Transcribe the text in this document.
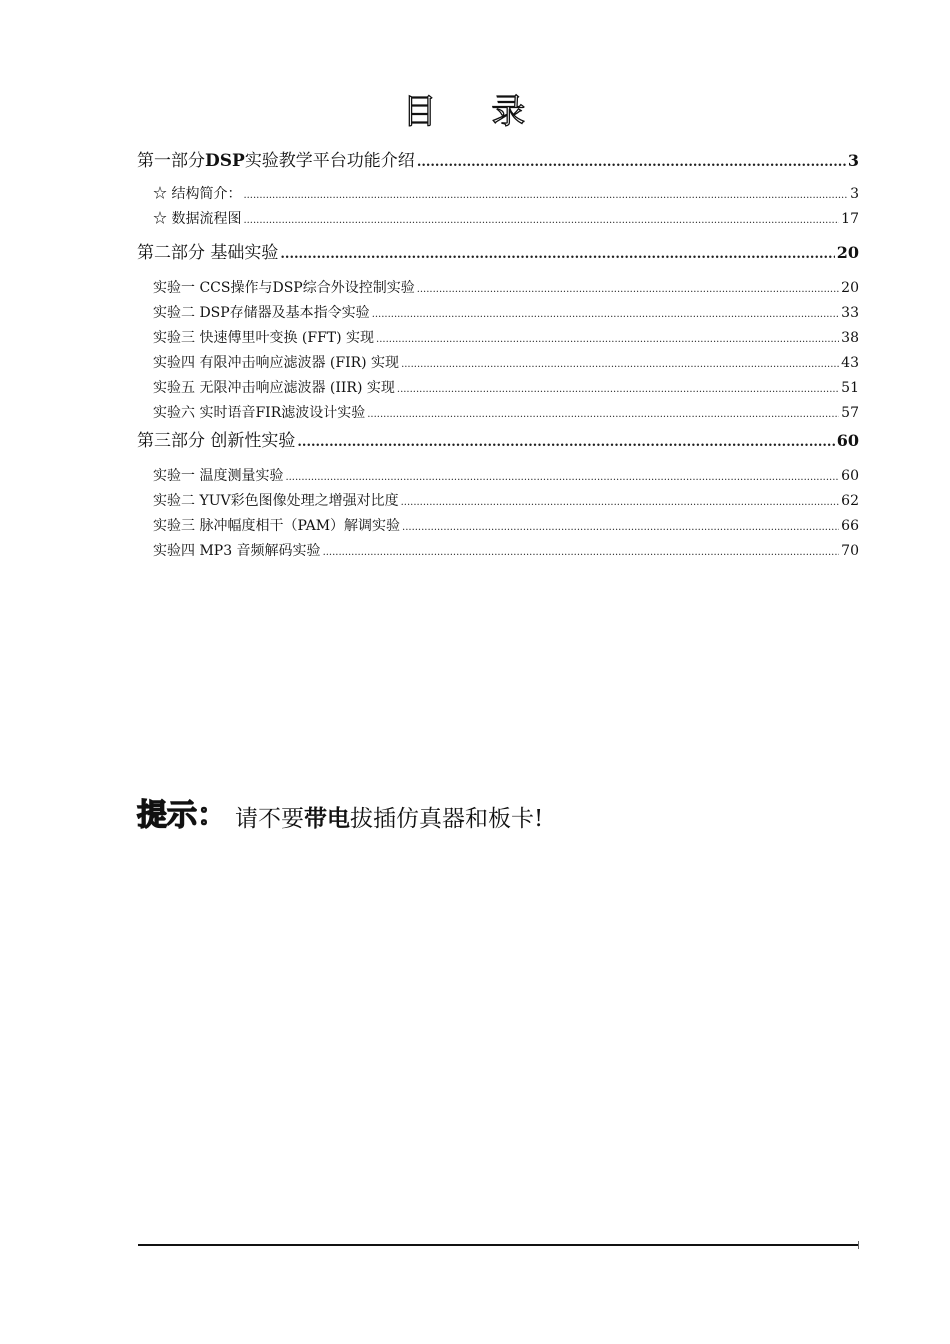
目 录
第一部分DSP实验教学平台功能介绍 .....	3
☆ 结构简介： .....	3
☆ 数据流程图 .....	17
第二部分 基础实验 .....	20
实验一 CCS操作与DSP综合外设控制实验 .....	20
实验二 DSP存储器及基本指令实验 .....	33
实验三 快速傅里叶变换 (FFT) 实现 .....	38
实验四 有限冲击响应滤波器 (FIR) 实现 .....	43
实验五 无限冲击响应滤波器 (IIR) 实现 .....	51
实验六 实时语音FIR滤波设计实验 .....	57
第三部分 创新性实验 .....	60
实验一 温度测量实验 .....	60
实验二 YUV彩色图像处理之增强对比度 .....	62
实验三 脉冲幅度相干（PAM）解调实验 .....	66
实验四 MP3 音频解码实验 .....	70
提示： 请不要带电拔插仿真器和板卡!
